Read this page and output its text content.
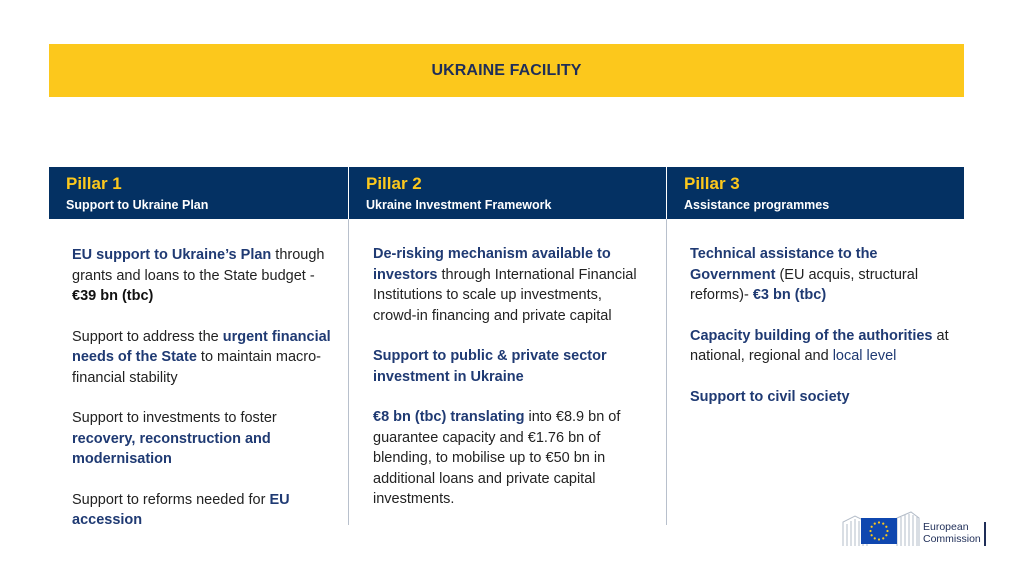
UKRAINE FACILITY
Pillar 1
Support to Ukraine Plan
Pillar 2
Ukraine Investment Framework
Pillar 3
Assistance programmes

EU support to Ukraine’s Plan through grants and loans to the State budget - €39 bn (tbc)

Support to address the urgent financial needs of the State to maintain macro-financial stability

Support to investments to foster recovery, reconstruction and modernisation

Support to reforms needed for EU accession

De-risking mechanism available to investors through International Financial Institutions to scale up investments, crowd-in financing and private capital

Support to public & private sector investment in Ukraine

€8 bn (tbc) translating into €8.9 bn of guarantee capacity and €1.76 bn of blending, to mobilise up to €50 bn in additional loans and private capital investments.

Technical assistance to the Government (EU acquis, structural reforms)- €3 bn (tbc)

Capacity building of the authorities at national, regional and local level

Support to civil society

European
Commission
